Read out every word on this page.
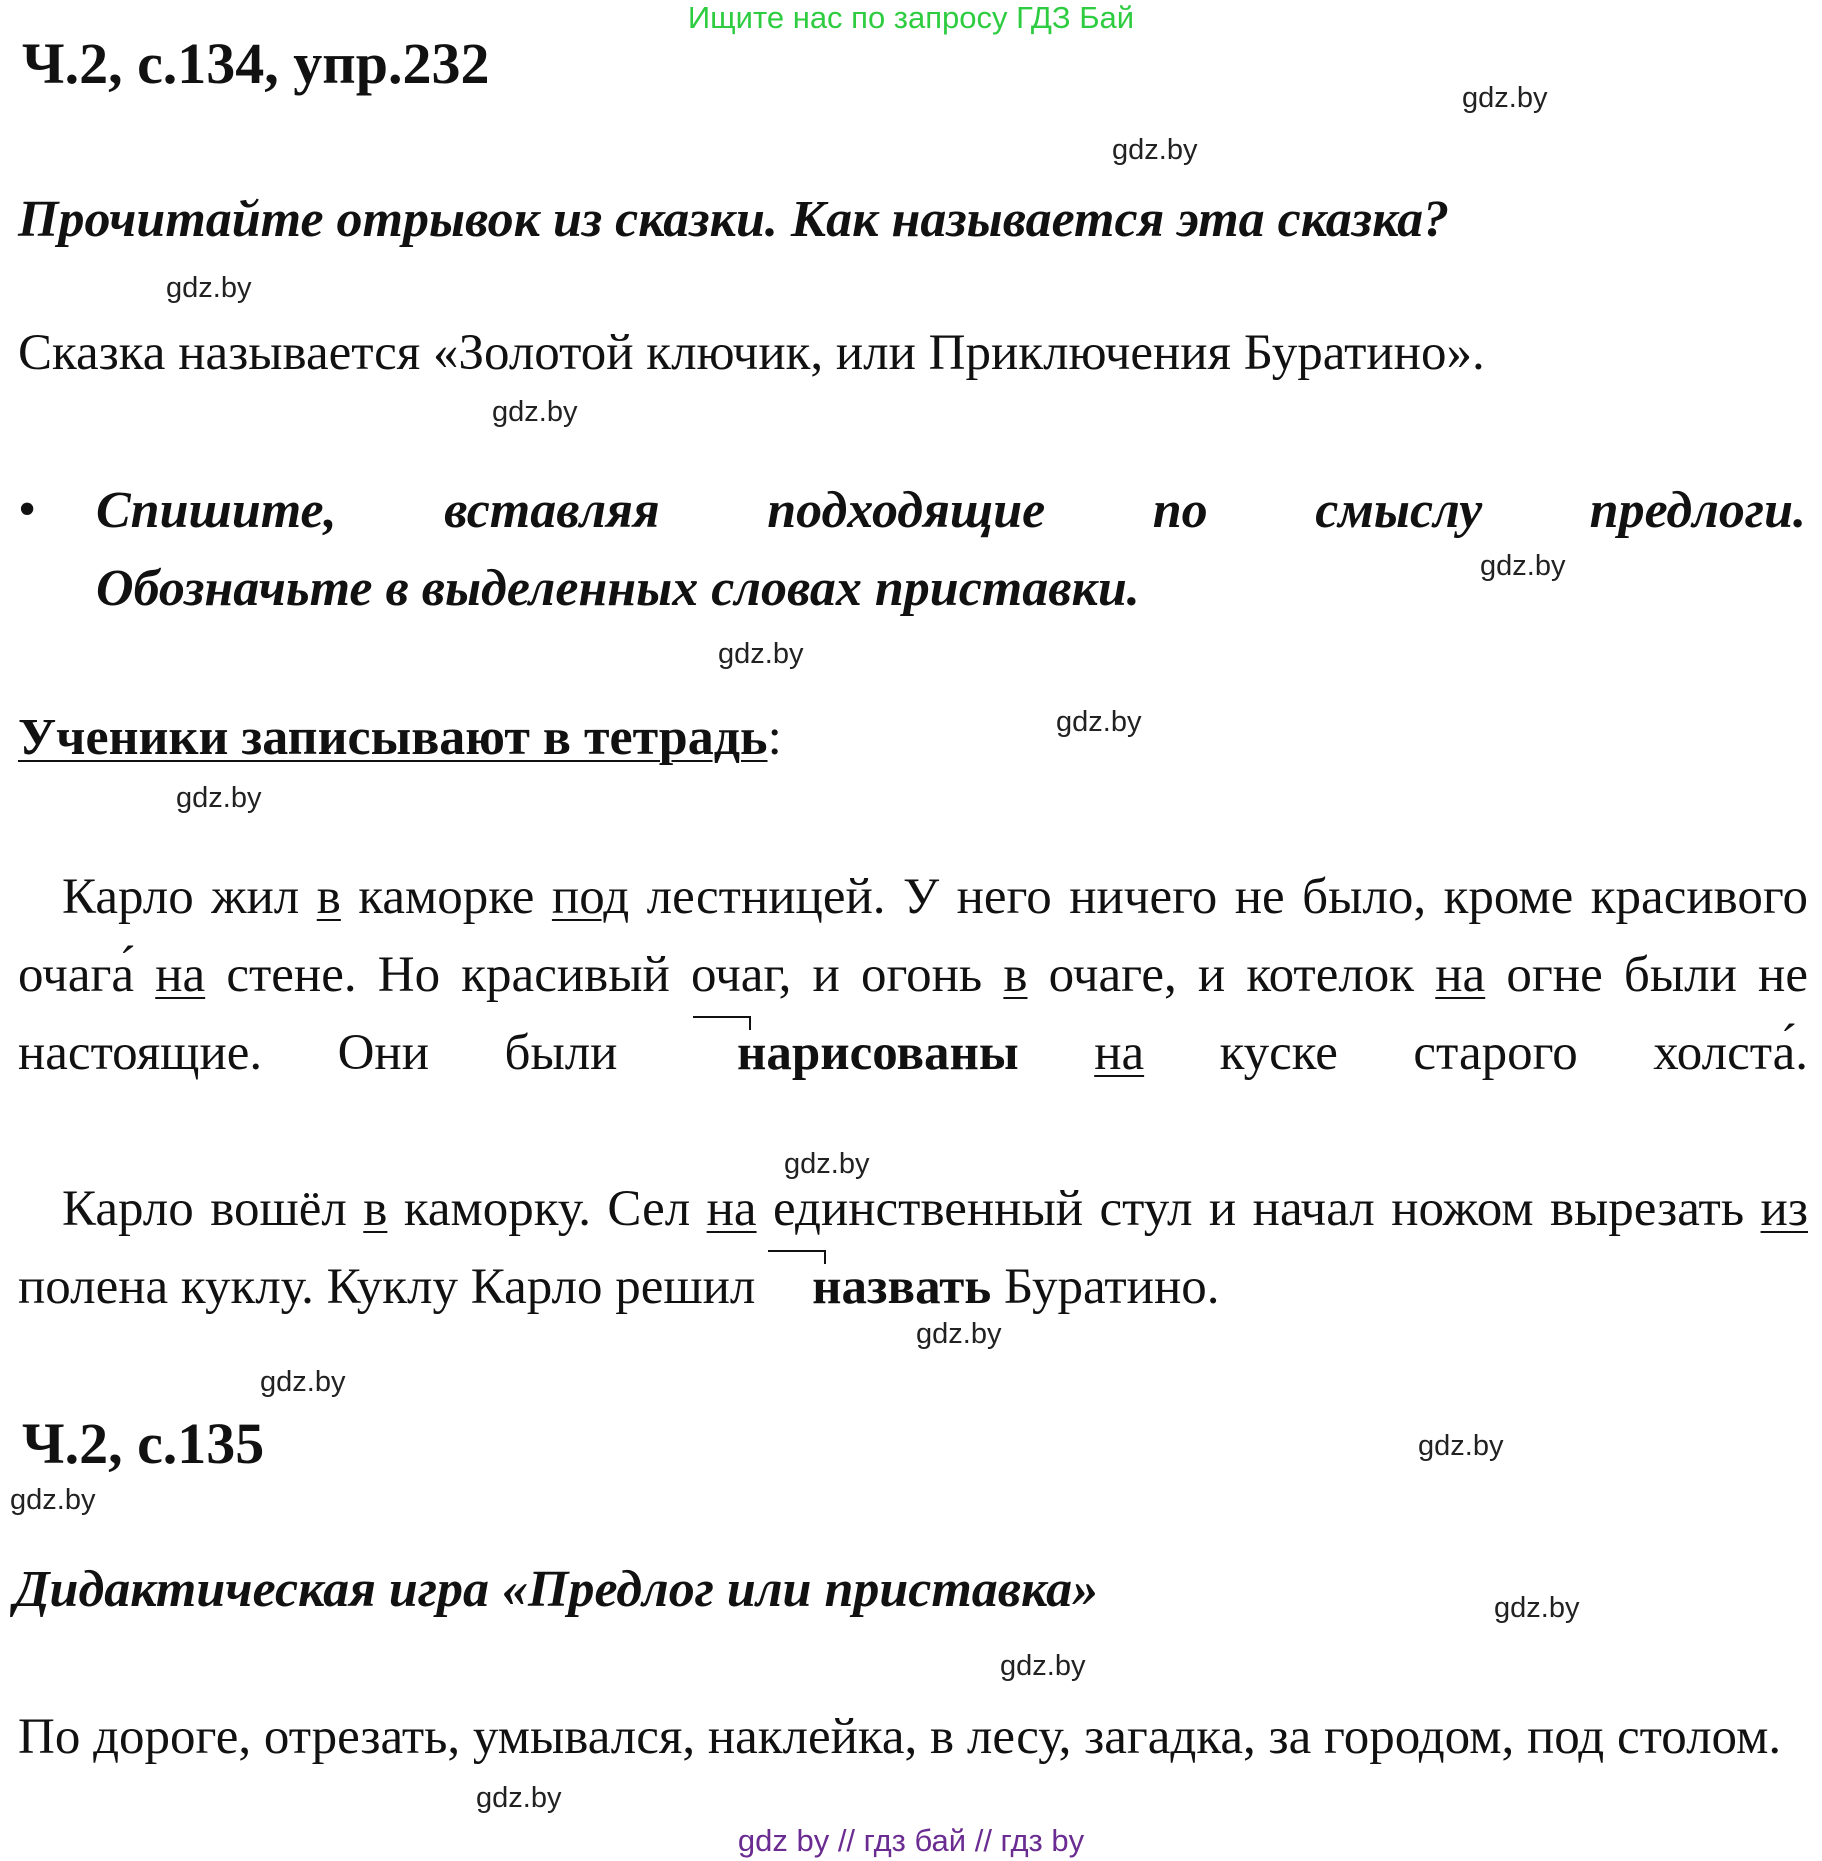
Ищите нас по запросу ГДЗ Бай
Ч.2, с.134, упр.232
Прочитайте отрывок из сказки. Как называется эта сказка?
Сказка называется «Золотой ключик, или Приключения Буратино».
• Спишите, вставляя подходящие по смыслу предлоги.
Обозначьте в выделенных словах приставки.
Ученики записывают в тетрадь:
Карло жил в каморке под лестницей. У него ничего не было, кроме красивого очага́ на стене. Но красивый очаг, и огонь в очаге, и котелок на огне были не настоящие. Они были
нарисованы на куске старого холста́.
Карло вошёл в каморку. Сел на единственный стул и начал ножом вырезать из полена куклу. Куклу Карло решил
назвать Буратино.
Ч.2, с.135
Дидактическая игра «Предлог или приставка»
По дороге, отрезать, умывался, наклейка, в лесу, загадка, за городом, под столом.
gdz.by
gdz.by
gdz.by
gdz.by
gdz.by
gdz.by
gdz.by
gdz.by
gdz.by
gdz.by
gdz.by
gdz.by
gdz.by
gdz.by
gdz.by
gdz.by
gdz by // гдз бай // гдз by
